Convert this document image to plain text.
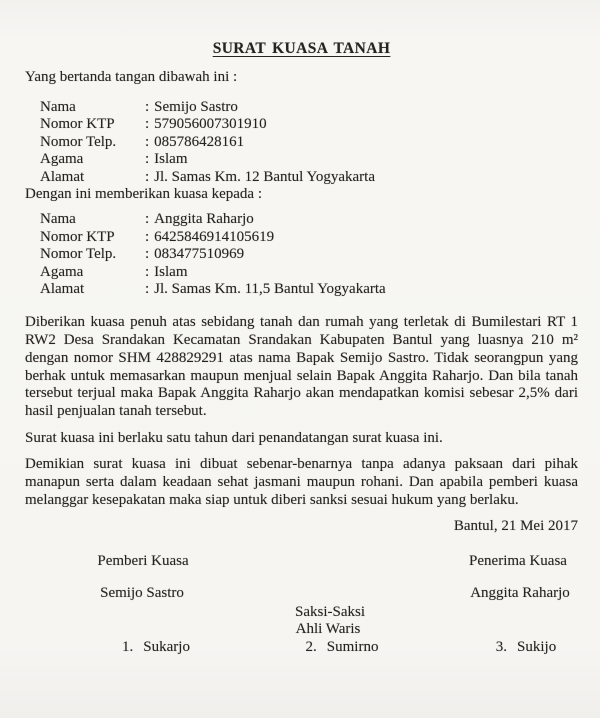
SURAT KUASA TANAH

Yang bertanda tangan dibawah ini :

Nama	: Semijo Sastro
Nomor KTP : 579056007301910
Nomor Telp. : 085786428161
Agama	: Islam
Alamat	: Jl. Samas Km. 12 Bantul Yogyakarta

Dengan ini memberikan kuasa kepada :

Nama	: Anggita Raharjo
Nomor KTP : 6425846914105619
Nomor Telp. : 083477510969
Agama	: Islam
Alamat	: Jl. Samas Km. 11,5 Bantul Yogyakarta

Diberikan kuasa penuh atas sebidang tanah dan rumah yang terletak di Bumilestari RT 1 RW2 Desa Srandakan Kecamatan Srandakan Kabupaten Bantul yang luasnya 210 m² dengan nomor SHM 428829291 atas nama Bapak Semijo Sastro. Tidak seorangpun yang berhak untuk memasarkan maupun menjual selain Bapak Anggita Raharjo. Dan bila tanah tersebut terjual maka Bapak Anggita Raharjo akan mendapatkan komisi sebesar 2,5% dari hasil penjualan tanah tersebut.

Surat kuasa ini berlaku satu tahun dari penandatangan surat kuasa ini.

Demikian surat kuasa ini dibuat sebenar-benarnya tanpa adanya paksaan dari pihak manapun serta dalam keadaan sehat jasmani maupun rohani. Dan apabila pemberi kuasa melanggar kesepakatan maka siap untuk diberi sanksi sesuai hukum yang berlaku.

Bantul, 21 Mei 2017

Pemberi Kuasa	Penerima Kuasa
Semijo Sastro	Anggita Raharjo
Saksi-Saksi
Ahli Waris
1. Sukarjo	2. Sumirno	3. Sukijo
